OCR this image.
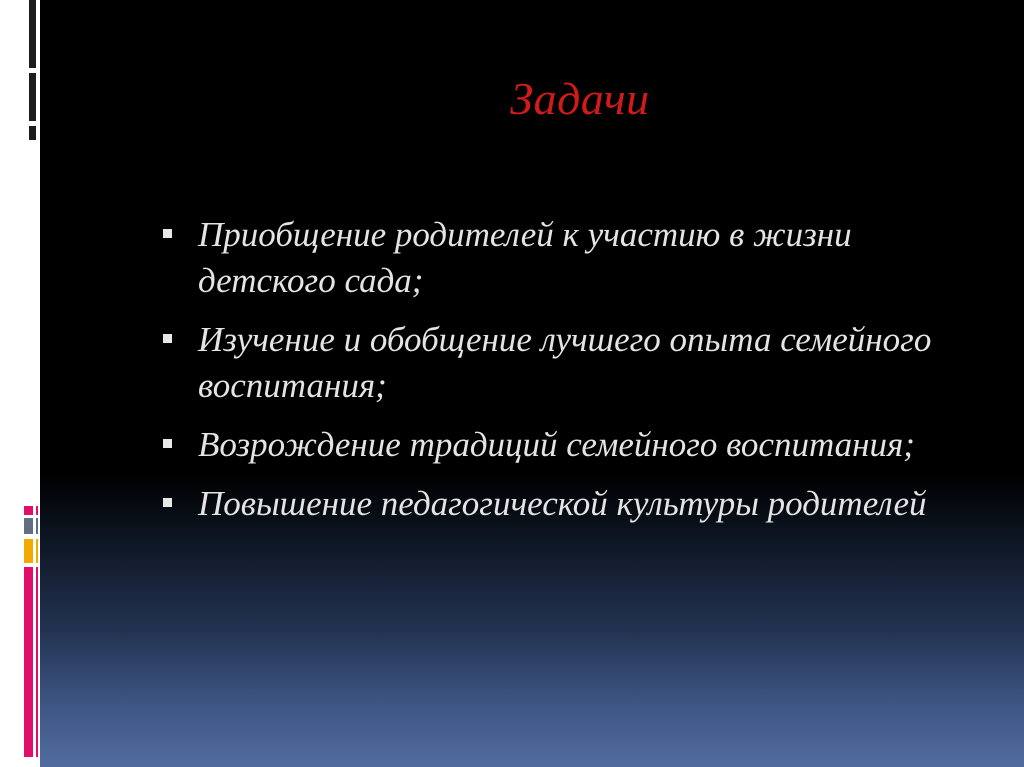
Задачи
Приобщение родителей к участию в жизни детского сада;
Изучение и обобщение лучшего опыта семейного воспитания;
Возрождение традиций семейного воспитания;
Повышение педагогической культуры родителей
